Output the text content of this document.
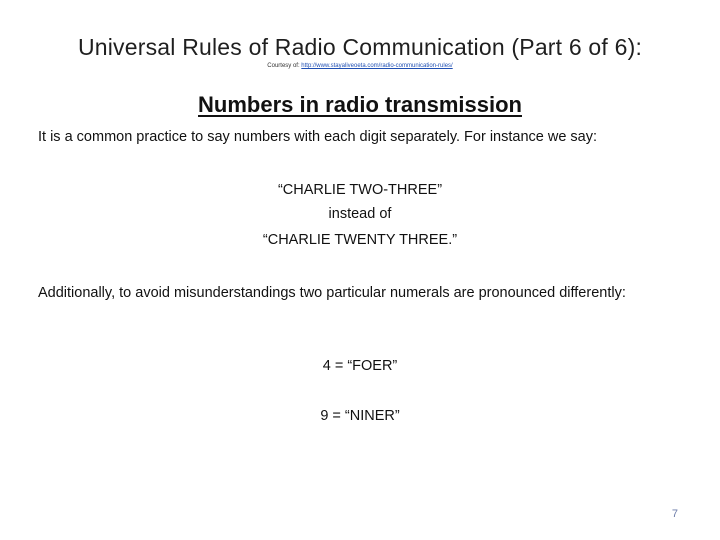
Universal Rules of Radio Communication (Part 6 of 6):
Courtesy of: http://www.stayaliveoeta.com/radio-communication-rules/
Numbers in radio transmission
It is a common practice to say numbers with each digit separately. For instance we say:
“CHARLIE TWO-THREE”
instead of
“CHARLIE TWENTY THREE.”
Additionally, to avoid misunderstandings two particular numerals are pronounced differently:
4 = “FOER”
9 = “NINER”
7
